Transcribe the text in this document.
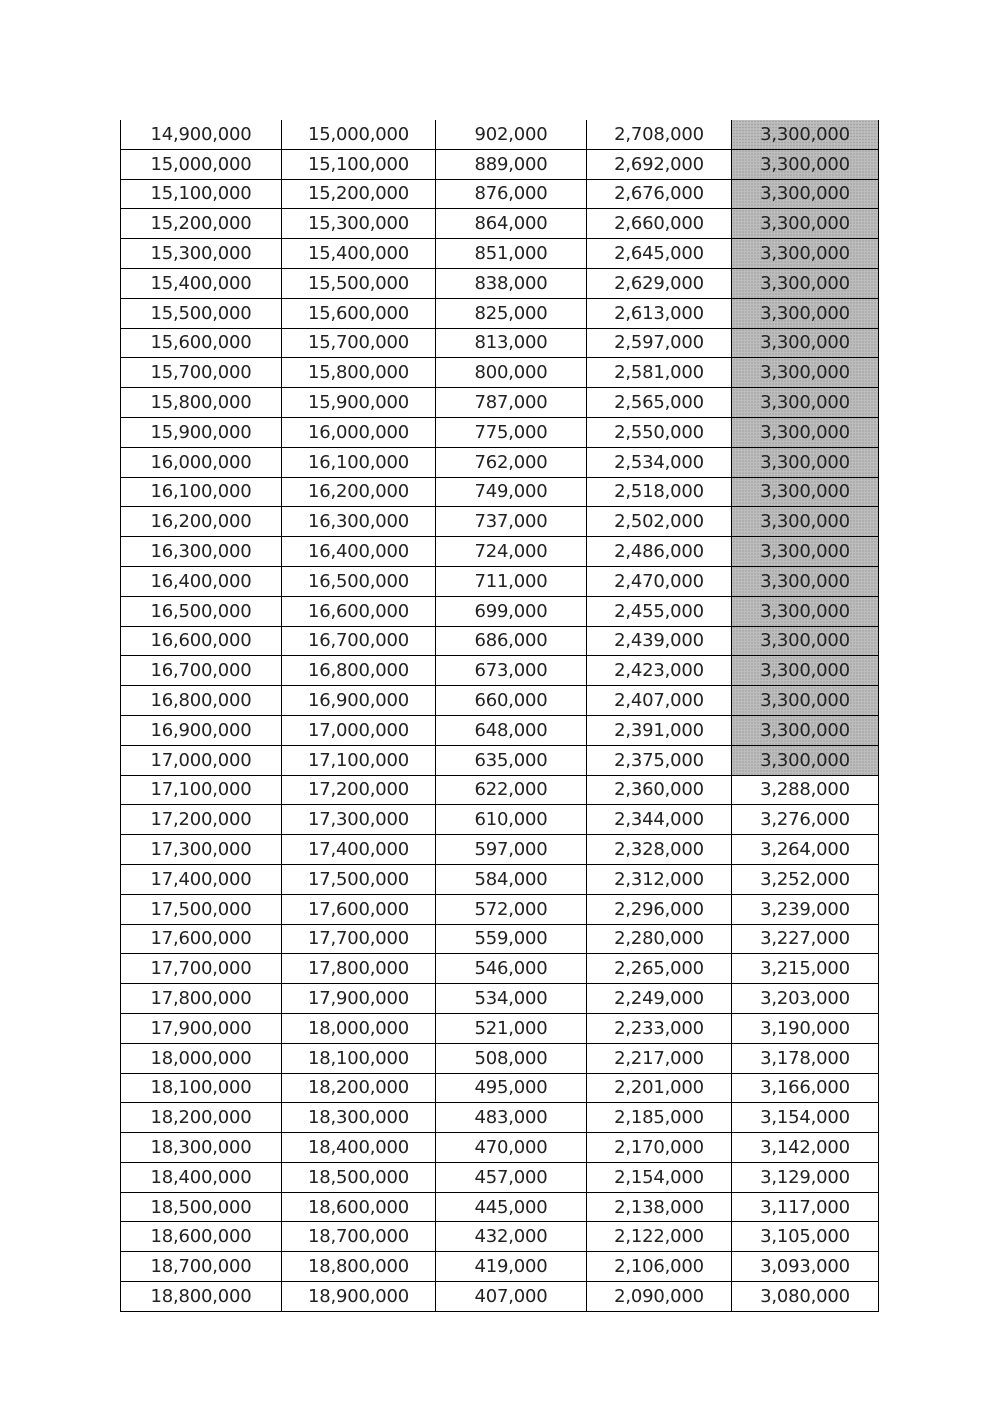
14,900,000	15,000,000	902,000	2,708,000	3,300,000
15,000,000	15,100,000	889,000	2,692,000	3,300,000
15,100,000	15,200,000	876,000	2,676,000	3,300,000
15,200,000	15,300,000	864,000	2,660,000	3,300,000
15,300,000	15,400,000	851,000	2,645,000	3,300,000
15,400,000	15,500,000	838,000	2,629,000	3,300,000
15,500,000	15,600,000	825,000	2,613,000	3,300,000
15,600,000	15,700,000	813,000	2,597,000	3,300,000
15,700,000	15,800,000	800,000	2,581,000	3,300,000
15,800,000	15,900,000	787,000	2,565,000	3,300,000
15,900,000	16,000,000	775,000	2,550,000	3,300,000
16,000,000	16,100,000	762,000	2,534,000	3,300,000
16,100,000	16,200,000	749,000	2,518,000	3,300,000
16,200,000	16,300,000	737,000	2,502,000	3,300,000
16,300,000	16,400,000	724,000	2,486,000	3,300,000
16,400,000	16,500,000	711,000	2,470,000	3,300,000
16,500,000	16,600,000	699,000	2,455,000	3,300,000
16,600,000	16,700,000	686,000	2,439,000	3,300,000
16,700,000	16,800,000	673,000	2,423,000	3,300,000
16,800,000	16,900,000	660,000	2,407,000	3,300,000
16,900,000	17,000,000	648,000	2,391,000	3,300,000
17,000,000	17,100,000	635,000	2,375,000	3,300,000
17,100,000	17,200,000	622,000	2,360,000	3,288,000
17,200,000	17,300,000	610,000	2,344,000	3,276,000
17,300,000	17,400,000	597,000	2,328,000	3,264,000
17,400,000	17,500,000	584,000	2,312,000	3,252,000
17,500,000	17,600,000	572,000	2,296,000	3,239,000
17,600,000	17,700,000	559,000	2,280,000	3,227,000
17,700,000	17,800,000	546,000	2,265,000	3,215,000
17,800,000	17,900,000	534,000	2,249,000	3,203,000
17,900,000	18,000,000	521,000	2,233,000	3,190,000
18,000,000	18,100,000	508,000	2,217,000	3,178,000
18,100,000	18,200,000	495,000	2,201,000	3,166,000
18,200,000	18,300,000	483,000	2,185,000	3,154,000
18,300,000	18,400,000	470,000	2,170,000	3,142,000
18,400,000	18,500,000	457,000	2,154,000	3,129,000
18,500,000	18,600,000	445,000	2,138,000	3,117,000
18,600,000	18,700,000	432,000	2,122,000	3,105,000
18,700,000	18,800,000	419,000	2,106,000	3,093,000
18,800,000	18,900,000	407,000	2,090,000	3,080,000
